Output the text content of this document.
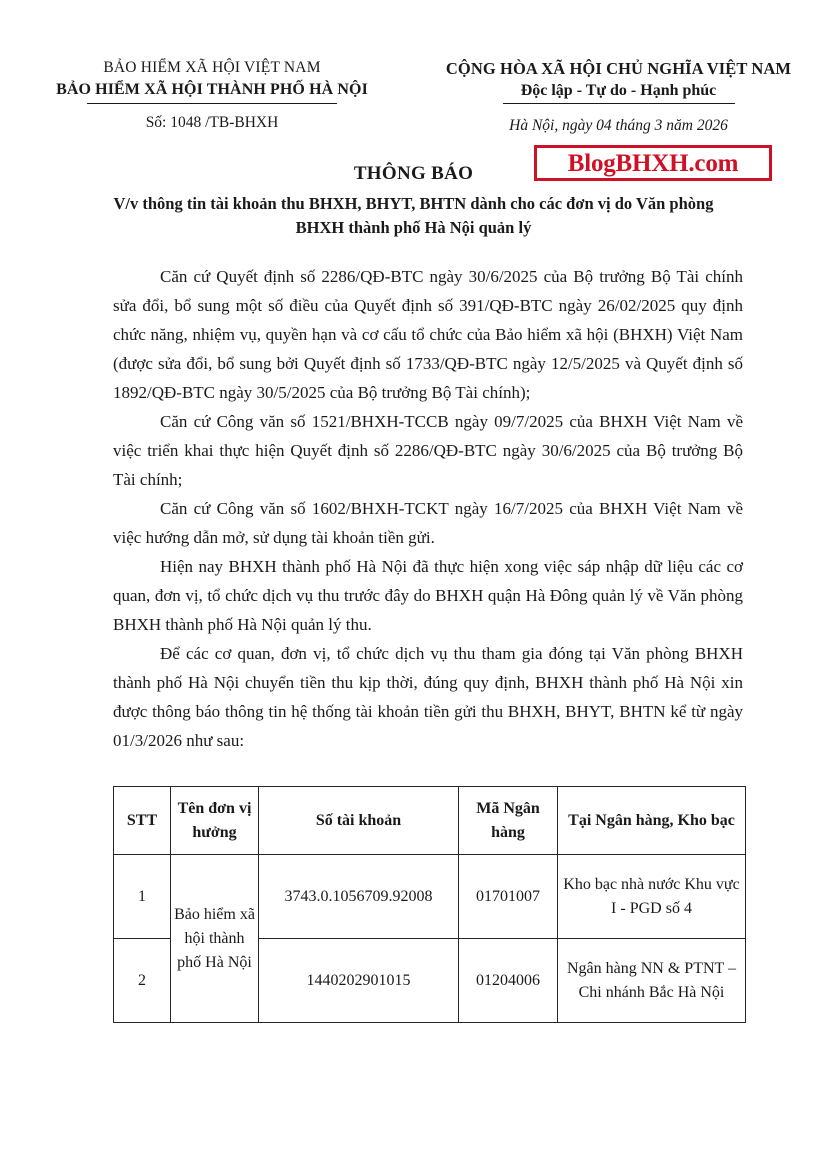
BẢO HIỂM XÃ HỘI VIỆT NAM
BẢO HIỂM XÃ HỘI THÀNH PHỐ HÀ NỘI
Số: 1048 /TB-BHXH
CỘNG HÒA XÃ HỘI CHỦ NGHĨA VIỆT NAM
Độc lập - Tự do - Hạnh phúc
Hà Nội, ngày 04 tháng 3 năm 2026
BlogBHXH.com
THÔNG BÁO
V/v thông tin tài khoản thu BHXH, BHYT, BHTN dành cho các đơn vị do Văn phòng BHXH thành phố Hà Nội quản lý

Căn cứ Quyết định số 2286/QĐ-BTC ngày 30/6/2025 của Bộ trưởng Bộ Tài chính sửa đổi, bổ sung một số điều của Quyết định số 391/QĐ-BTC ngày 26/02/2025 quy định chức năng, nhiệm vụ, quyền hạn và cơ cấu tổ chức của Bảo hiểm xã hội (BHXH) Việt Nam (được sửa đổi, bổ sung bởi Quyết định số 1733/QĐ-BTC ngày 12/5/2025 và Quyết định số 1892/QĐ-BTC ngày 30/5/2025 của Bộ trưởng Bộ Tài chính);

Căn cứ Công văn số 1521/BHXH-TCCB ngày 09/7/2025 của BHXH Việt Nam về việc triển khai thực hiện Quyết định số 2286/QĐ-BTC ngày 30/6/2025 của Bộ trưởng Bộ Tài chính;

Căn cứ Công văn số 1602/BHXH-TCKT ngày 16/7/2025 của BHXH Việt Nam về việc hướng dẫn mở, sử dụng tài khoản tiền gửi.

Hiện nay BHXH thành phố Hà Nội đã thực hiện xong việc sáp nhập dữ liệu các cơ quan, đơn vị, tổ chức dịch vụ thu trước đây do BHXH quận Hà Đông quản lý về Văn phòng BHXH thành phố Hà Nội quản lý thu.

Để các cơ quan, đơn vị, tổ chức dịch vụ thu tham gia đóng tại Văn phòng BHXH thành phố Hà Nội chuyển tiền thu kịp thời, đúng quy định, BHXH thành phố Hà Nội xin được thông báo thông tin hệ thống tài khoản tiền gửi thu BHXH, BHYT, BHTN kể từ ngày 01/3/2026 như sau:

STT	Tên đơn vị hưởng	Số tài khoản	Mã Ngân hàng	Tại Ngân hàng, Kho bạc
1	Bảo hiểm xã hội thành phố Hà Nội	3743.0.1056709.92008	01701007	Kho bạc nhà nước Khu vực I - PGD số 4
2		1440202901015	01204006	Ngân hàng NN & PTNT – Chi nhánh Bắc Hà Nội
